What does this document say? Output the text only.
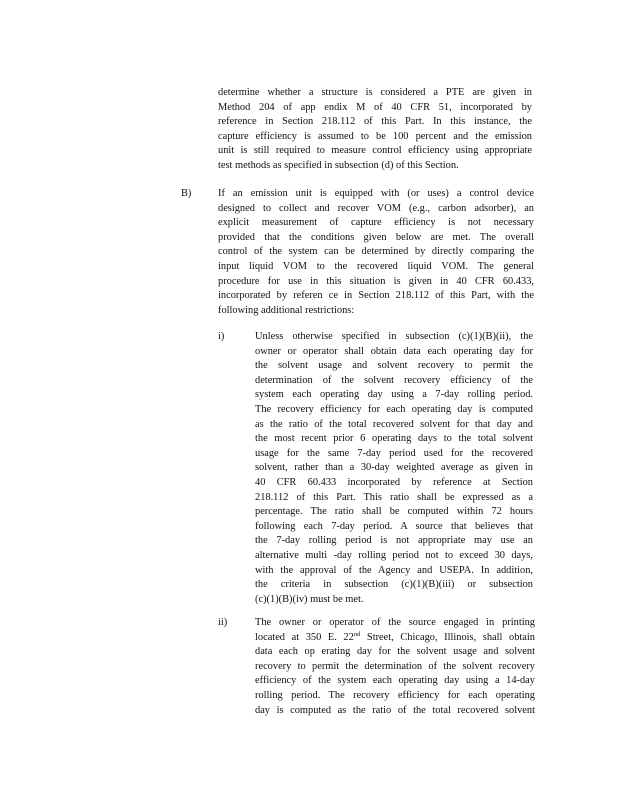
determine whether a structure is considered a PTE are given in
Method 204 of app endix M of 40 CFR 51, incorporated by
reference in Section 218.112 of this Part. In this instance, the
capture efficiency is assumed to be 100 percent and the emission
unit is still required to measure control efficiency using appropriate
test methods as specified in subsection (d) of this Section.
B)	If an emission unit is equipped with (or uses) a control device
designed to collect and recover VOM (e.g., carbon adsorber), an
explicit measurement of capture efficiency is not necessary
provided that the conditions given below are met. The overall
control of the system can be determined by directly comparing the
input liquid VOM to the recovered liquid VOM. The general
procedure for use in this situation is given in 40 CFR 60.433,
incorporated by referen ce in Section 218.112 of this Part, with the
following additional restrictions:
i)	Unless otherwise specified in subsection (c)(1)(B)(ii), the
owner or operator shall obtain data each operating day for
the solvent usage and solvent recovery to permit the
determination of the solvent recovery efficiency of the
system each operating day using a 7-day rolling period.
The recovery efficiency for each operating day is computed
as the ratio of the total recovered solvent for that day and
the most recent prior 6 operating days to the total solvent
usage for the same 7-day period used for the recovered
solvent, rather than a 30-day weighted average as given in
40 CFR 60.433 incorporated by reference at Section
218.112 of this Part. This ratio shall be expressed as a
percentage. The ratio shall be computed within 72 hours
following each 7-day period. A source that believes that
the 7-day rolling period is not appropriate may use an
alternative multi -day rolling period not to exceed 30 days,
with the approval of the Agency and USEPA. In addition,
the criteria in subsection (c)(1)(B)(iii) or subsection
(c)(1)(B)(iv) must be met.
ii)	The owner or operator of the source engaged in printing
located at 350 E. 22nd Street, Chicago, Illinois, shall obtain
data each op erating day for the solvent usage and solvent
recovery to permit the determination of the solvent recovery
efficiency of the system each operating day using a 14-day
rolling period. The recovery efficiency for each operating
day is computed as the ratio of the total recovered solvent
